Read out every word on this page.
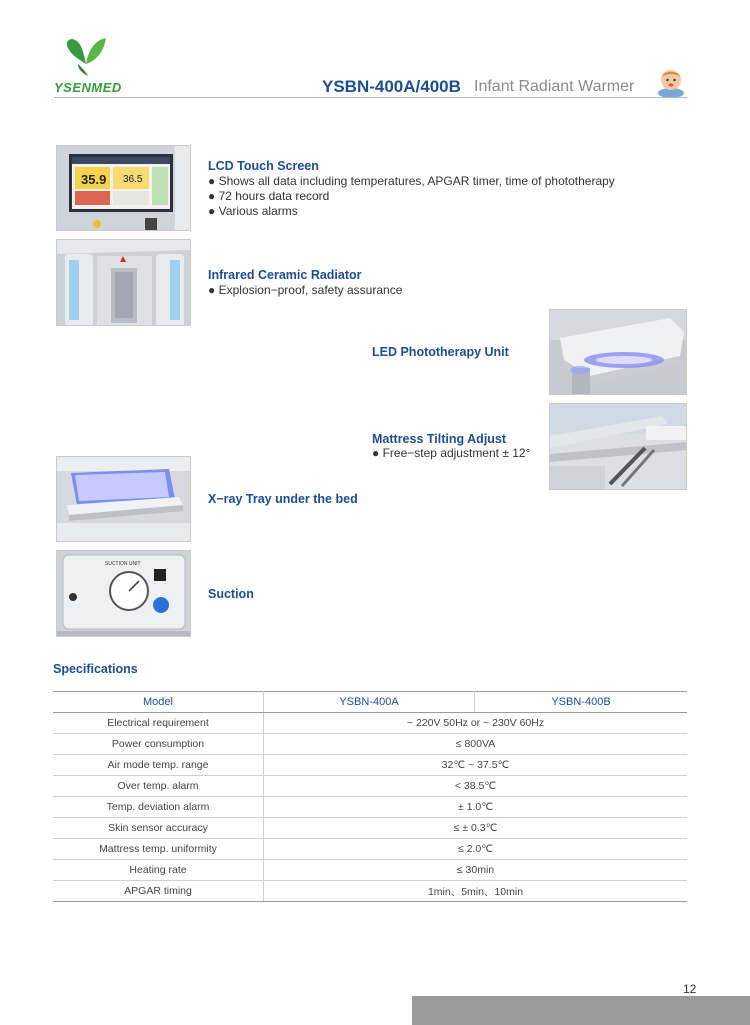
YSENMED	YSBN-400A/400B Infant Radiant Warmer
35.9 36.5
SUCTION UNIT
LCD Touch Screen
● Shows all data including temperatures, APGAR timer, time of phototherapy
● 72 hours data record
● Various alarms
Infrared Ceramic Radiator
● Explosion−proof, safety assurance
LED Phototherapy Unit
Mattress Tilting Adjust
● Free−step adjustment ± 12°
X−ray Tray under the bed
Suction
Specifications
Model	YSBN-400A	YSBN-400B
Electrical requirement	~ 220V 50Hz or ~ 230V 60Hz	
Power consumption	≤ 800VA	
Air mode temp. range	32℃ ~ 37.5℃	
Over temp. alarm	< 38.5℃	
Temp. deviation alarm	± 1.0℃	
Skin sensor accuracy	≤ ± 0.3℃	
Mattress temp. uniformity	≤ 2.0℃	
Heating rate	≤ 30min	
APGAR timing	1min、5min、10min	
12
